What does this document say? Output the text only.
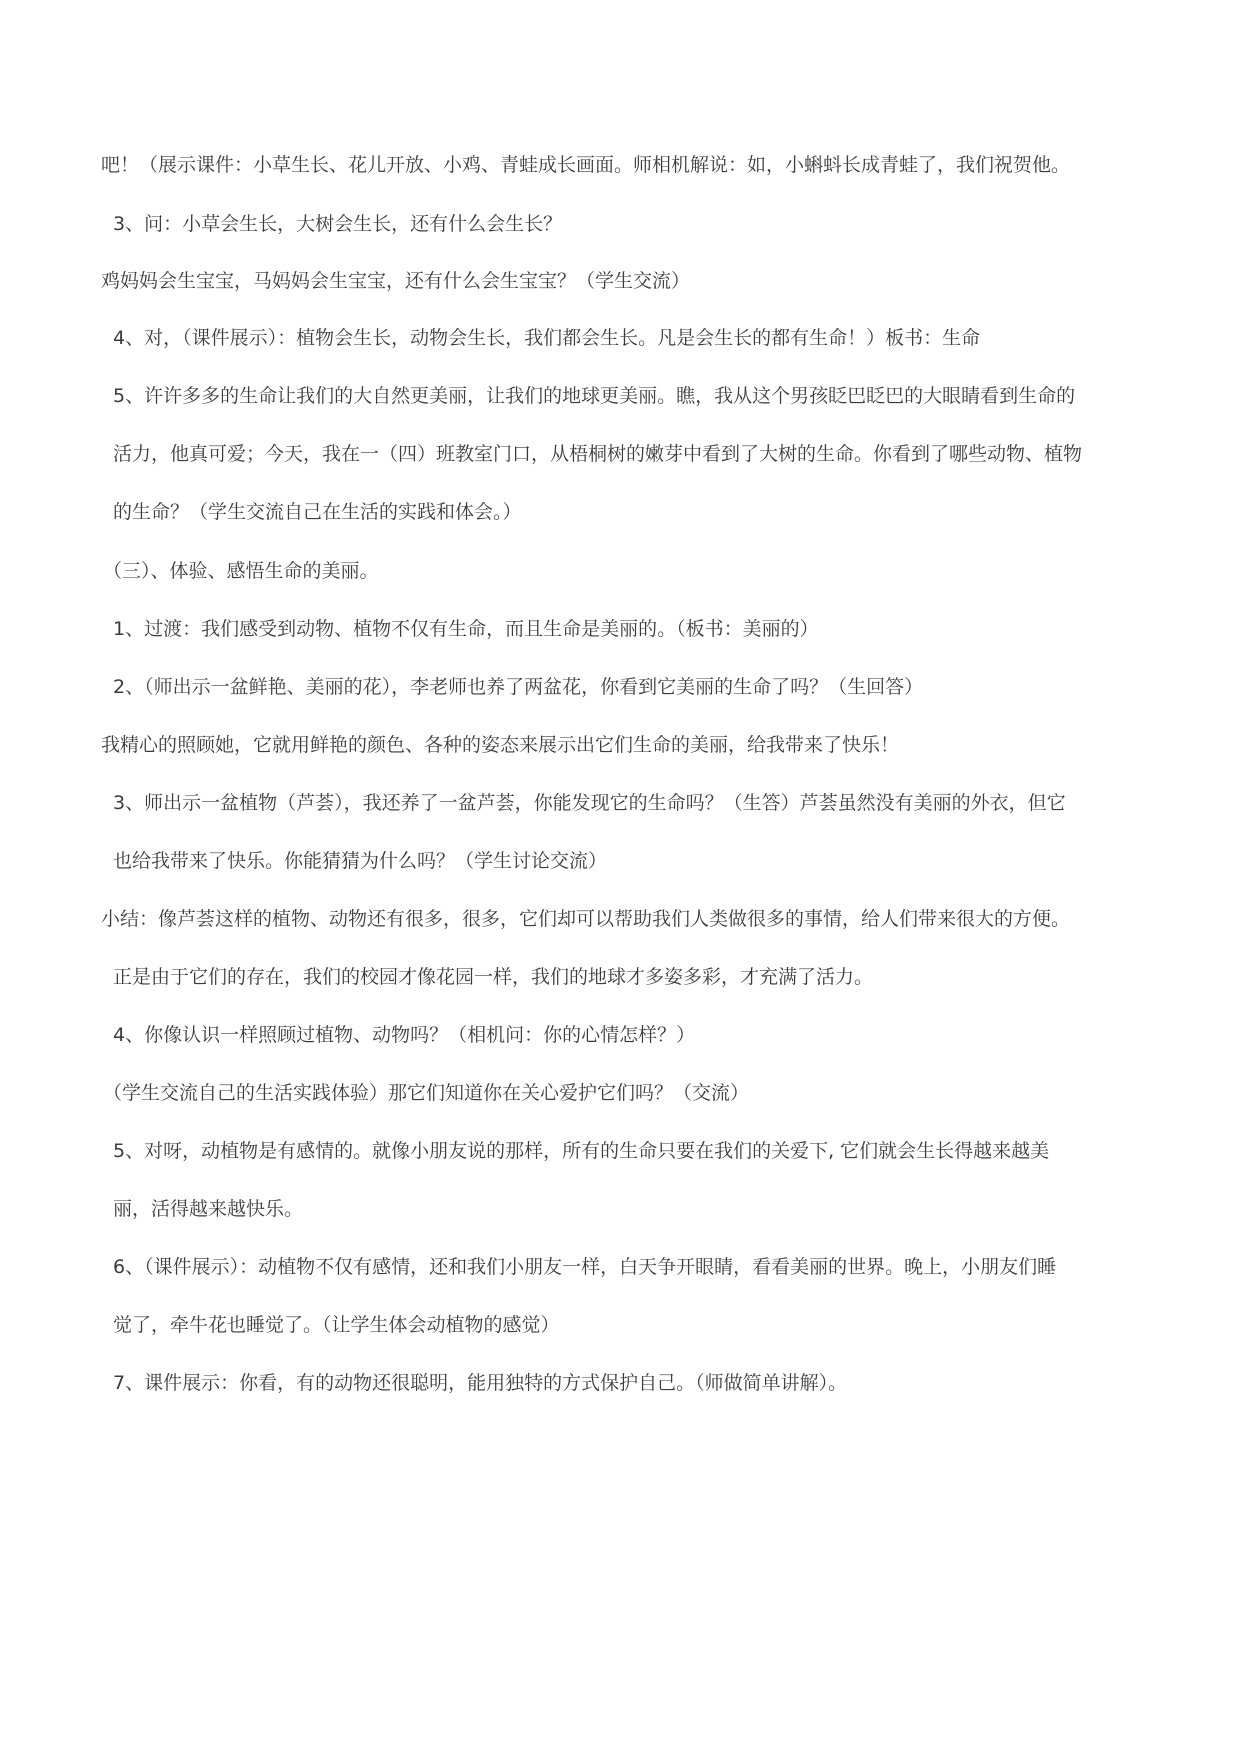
吧！（展示课件：小草生长、花儿开放、小鸡、青蛙成长画面。师相机解说：如，小蝌蚪长成青蛙了，我们祝贺他。
3、问：小草会生长，大树会生长，还有什么会生长？
鸡妈妈会生宝宝，马妈妈会生宝宝，还有什么会生宝宝？（学生交流）
4、对，（课件展示）：植物会生长，动物会生长，我们都会生长。凡是会生长的都有生命！）板书：生命
5、许许多多的生命让我们的大自然更美丽，让我们的地球更美丽。瞧，我从这个男孩眨巴眨巴的大眼睛看到生命的
活力，他真可爱；今天，我在一（四）班教室门口，从梧桐树的嫩芽中看到了大树的生命。你看到了哪些动物、植物
的生命？（学生交流自己在生活的实践和体会。）
（三）、体验、感悟生命的美丽。
1、过渡：我们感受到动物、植物不仅有生命，而且生命是美丽的。（板书：美丽的）
2、（师出示一盆鲜艳、美丽的花），李老师也养了两盆花，你看到它美丽的生命了吗？（生回答）
我精心的照顾她，它就用鲜艳的颜色、各种的姿态来展示出它们生命的美丽，给我带来了快乐！
3、师出示一盆植物（芦荟），我还养了一盆芦荟，你能发现它的生命吗？（生答）芦荟虽然没有美丽的外衣，但它
也给我带来了快乐。你能猜猜为什么吗？（学生讨论交流）
小结：像芦荟这样的植物、动物还有很多，很多，它们却可以帮助我们人类做很多的事情，给人们带来很大的方便。
正是由于它们的存在，我们的校园才像花园一样，我们的地球才多姿多彩，才充满了活力。
4、你像认识一样照顾过植物、动物吗？（相机问：你的心情怎样？）
（学生交流自己的生活实践体验）那它们知道你在关心爱护它们吗？（交流）
5、对呀，动植物是有感情的。就像小朋友说的那样，所有的生命只要在我们的关爱下, 它们就会生长得越来越美
丽，活得越来越快乐。
6、（课件展示）：动植物不仅有感情，还和我们小朋友一样，白天争开眼睛，看看美丽的世界。晚上，小朋友们睡
觉了，牵牛花也睡觉了。（让学生体会动植物的感觉）
7、课件展示：你看，有的动物还很聪明，能用独特的方式保护自己。（师做简单讲解）。
